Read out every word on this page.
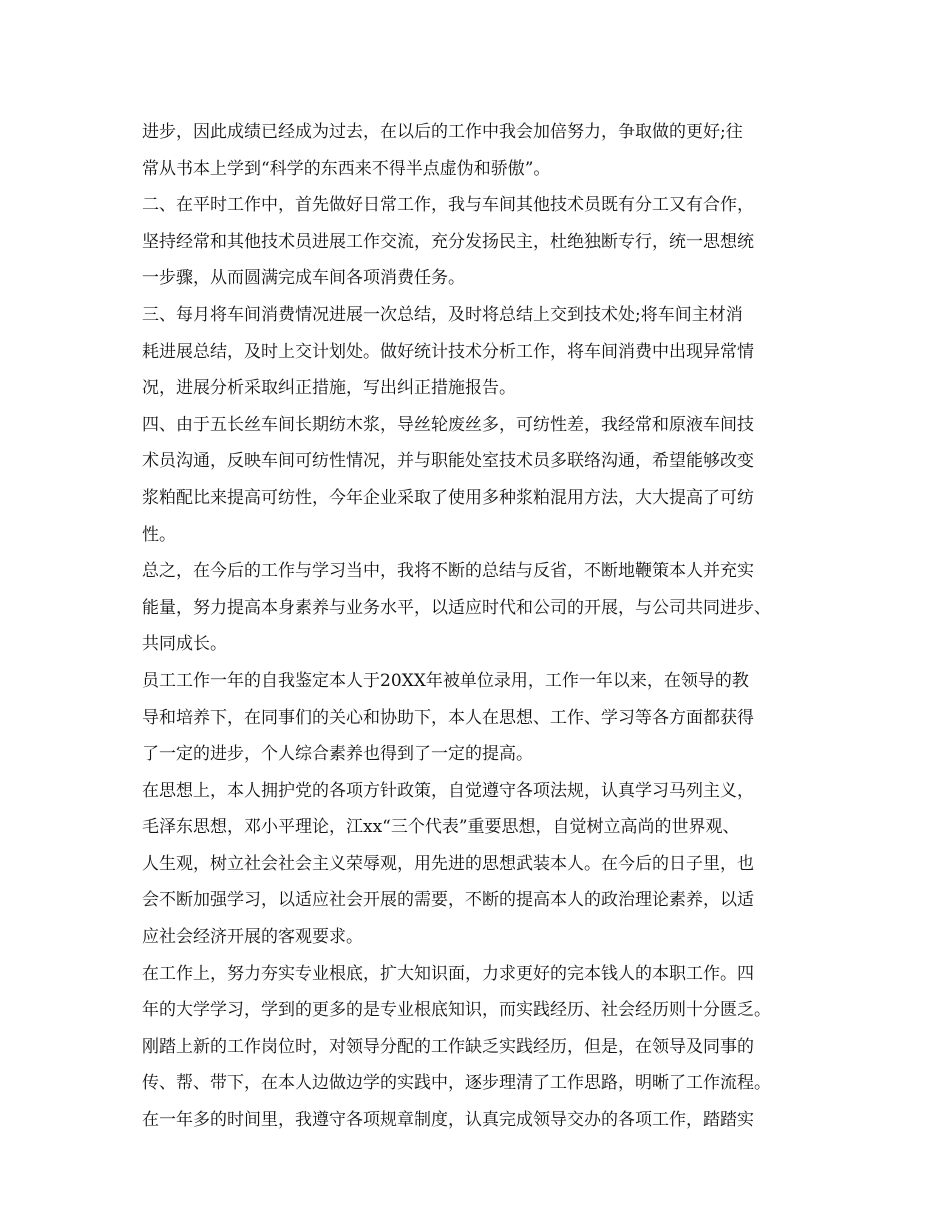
进步，因此成绩已经成为过去，在以后的工作中我会加倍努力，争取做的更好;往
常从书本上学到“科学的东西来不得半点虚伪和骄傲”。
二、在平时工作中，首先做好日常工作，我与车间其他技术员既有分工又有合作，
坚持经常和其他技术员进展工作交流，充分发扬民主，杜绝独断专行，统一思想统
一步骤，从而圆满完成车间各项消费任务。
三、每月将车间消费情况进展一次总结，及时将总结上交到技术处;将车间主材消
耗进展总结，及时上交计划处。做好统计技术分析工作，将车间消费中出现异常情
况，进展分析采取纠正措施，写出纠正措施报告。
四、由于五长丝车间长期纺木浆，导丝轮废丝多，可纺性差，我经常和原液车间技
术员沟通，反映车间可纺性情况，并与职能处室技术员多联络沟通，希望能够改变
浆粕配比来提高可纺性，今年企业采取了使用多种浆粕混用方法，大大提高了可纺
性。
总之，在今后的工作与学习当中，我将不断的总结与反省，不断地鞭策本人并充实
能量，努力提高本身素养与业务水平，以适应时代和公司的开展，与公司共同进步、
共同成长。
员工工作一年的自我鉴定本人于20XX年被单位录用，工作一年以来，在领导的教
导和培养下，在同事们的关心和协助下，本人在思想、工作、学习等各方面都获得
了一定的进步，个人综合素养也得到了一定的提高。
在思想上，本人拥护党的各项方针政策，自觉遵守各项法规，认真学习马列主义，
毛泽东思想，邓小平理论，江xx“三个代表”重要思想，自觉树立高尚的世界观、
人生观，树立社会社会主义荣辱观，用先进的思想武装本人。在今后的日子里，也
会不断加强学习，以适应社会开展的需要，不断的提高本人的政治理论素养，以适
应社会经济开展的客观要求。
在工作上，努力夯实专业根底，扩大知识面，力求更好的完本钱人的本职工作。四
年的大学学习，学到的更多的是专业根底知识，而实践经历、社会经历则十分匮乏。
刚踏上新的工作岗位时，对领导分配的工作缺乏实践经历，但是，在领导及同事的
传、帮、带下，在本人边做边学的实践中，逐步理清了工作思路，明晰了工作流程。
在一年多的时间里，我遵守各项规章制度，认真完成领导交办的各项工作，踏踏实
